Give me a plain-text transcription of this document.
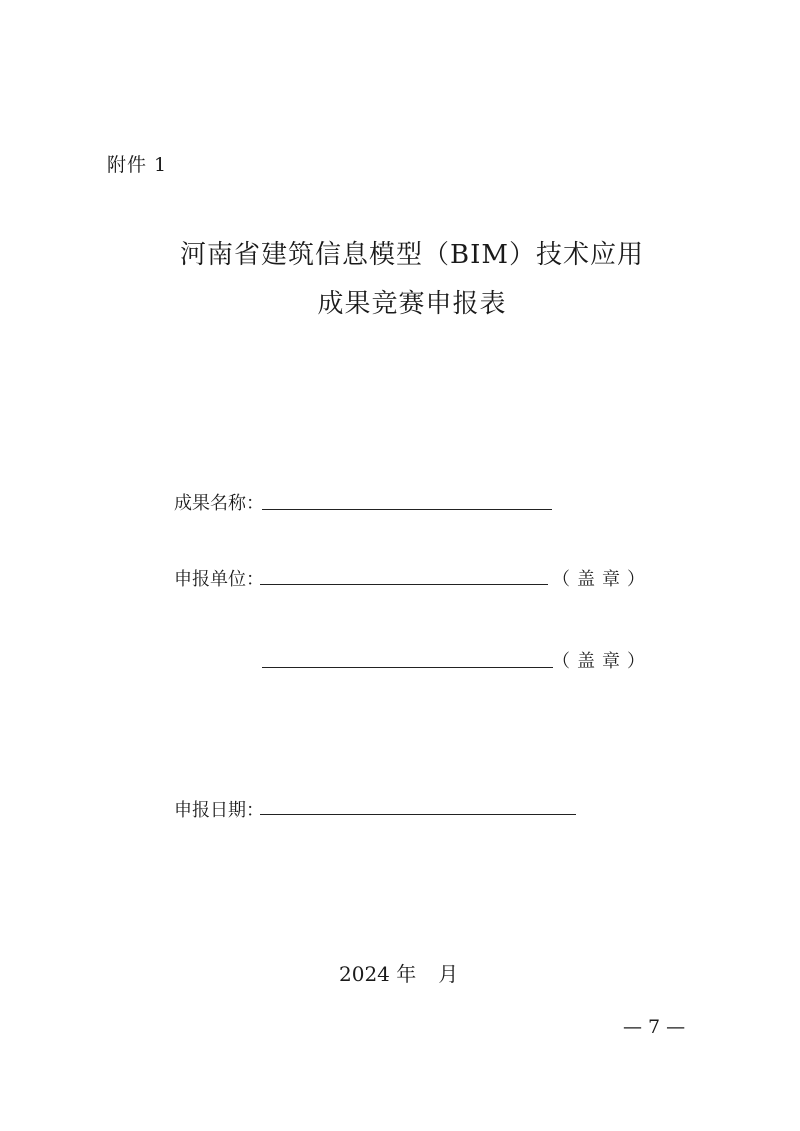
附件 1
河南省建筑信息模型（BIM）技术应用
成果竞赛申报表
成果名称：
申报单位：	（盖章）
（盖章）
申报日期：
2024 年 月
— 7 —
